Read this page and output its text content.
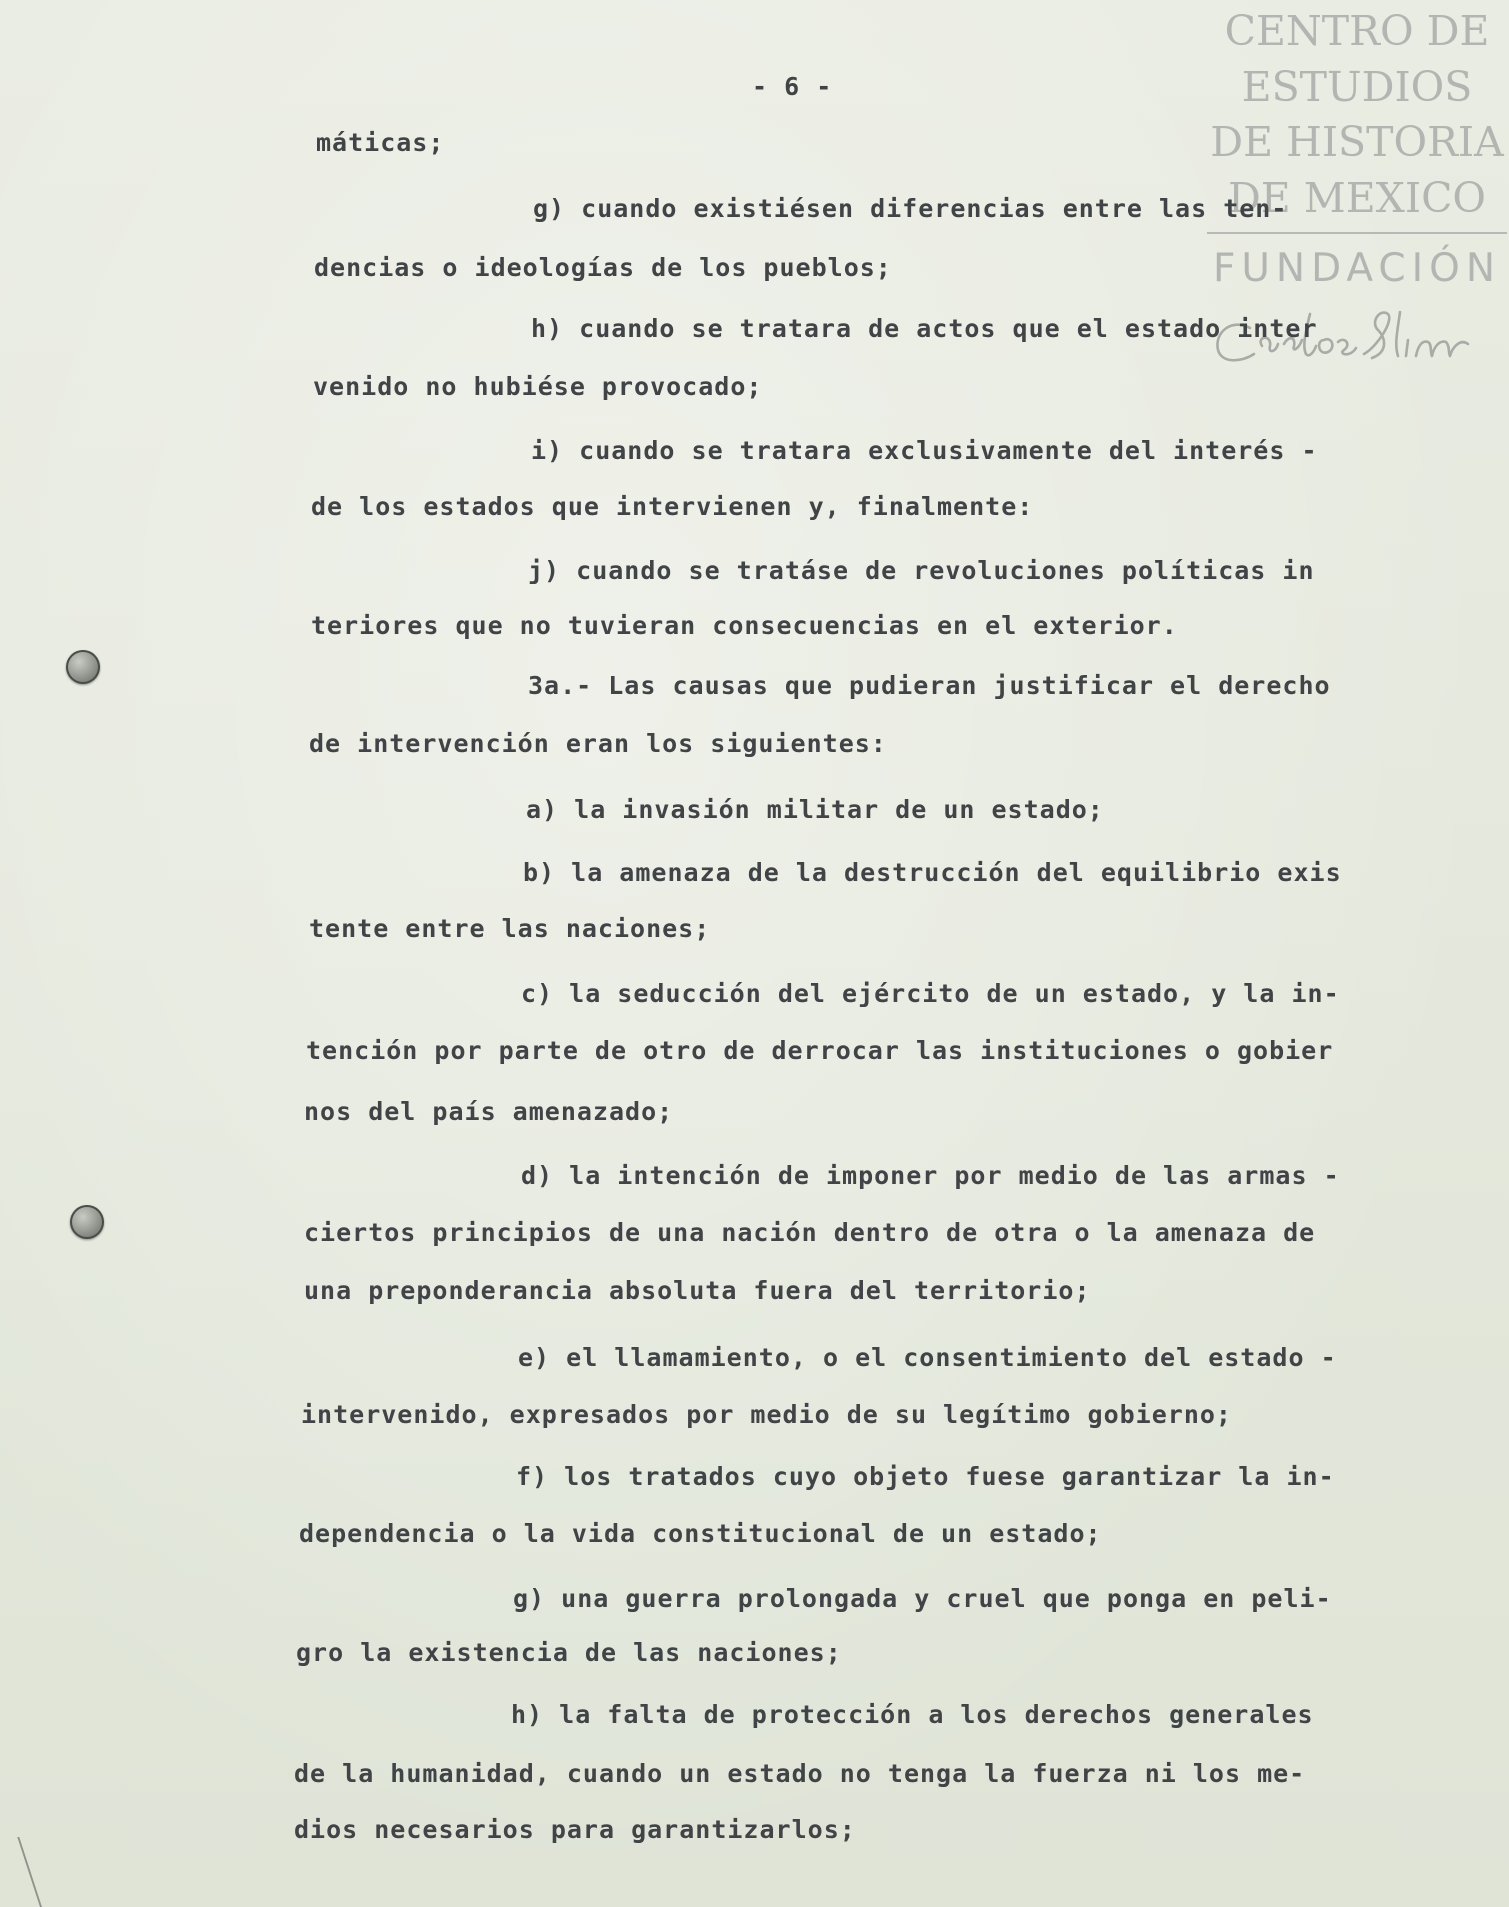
CENTRO DE
ESTUDIOS
DE HISTORIA
DE MEXICO
FUNDACIÓN
- 6 -
máticas;
g) cuando existiésen diferencias entre las ten-
dencias o ideologías de los pueblos;
h) cuando se tratara de actos que el estado inter
venido no hubiése provocado;
i) cuando se tratara exclusivamente del interés -
de los estados que intervienen y, finalmente:
j) cuando se tratáse de revoluciones políticas in
teriores que no tuvieran consecuencias en el exterior.
3a.- Las causas que pudieran justificar el derecho
de intervención eran los siguientes:
a) la invasión militar de un estado;
b) la amenaza de la destrucción del equilibrio exis
tente entre las naciones;
c) la seducción del ejército de un estado, y la in-
tención por parte de otro de derrocar las instituciones o gobier
nos del país amenazado;
d) la intención de imponer por medio de las armas -
ciertos principios de una nación dentro de otra o la amenaza de
una preponderancia absoluta fuera del territorio;
e) el llamamiento, o el consentimiento del estado -
intervenido, expresados por medio de su legítimo gobierno;
f) los tratados cuyo objeto fuese garantizar la in-
dependencia o la vida constitucional de un estado;
g) una guerra prolongada y cruel que ponga en peli-
gro la existencia de las naciones;
h) la falta de protección a los derechos generales
de la humanidad, cuando un estado no tenga la fuerza ni los me-
dios necesarios para garantizarlos;
